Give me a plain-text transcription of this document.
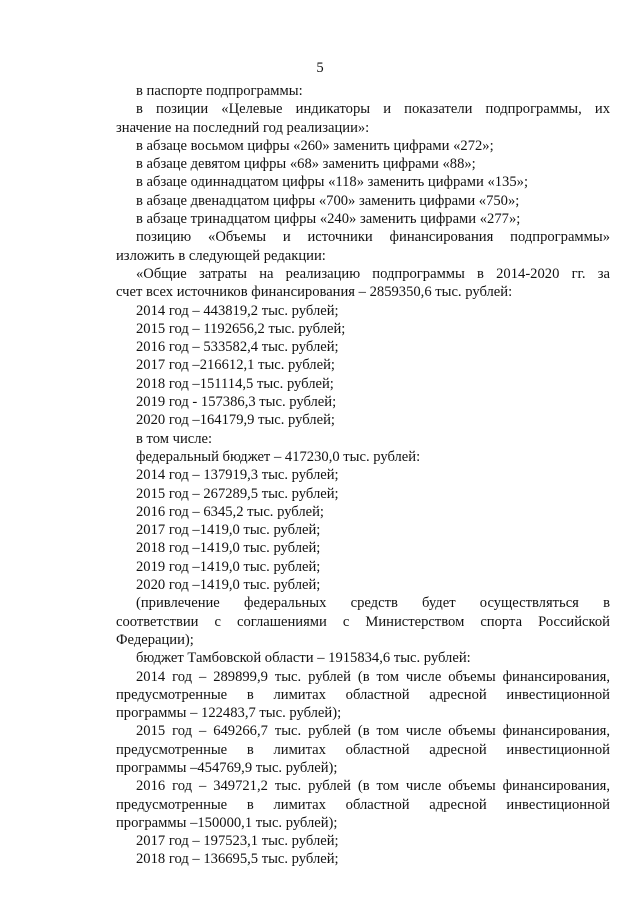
5
в паспорте подпрограммы:
в позиции «Целевые индикаторы и показатели подпрограммы, их
значение на последний год реализации»:
в абзаце восьмом цифры «260» заменить цифрами «272»;
в абзаце девятом цифры «68» заменить цифрами «88»;
в абзаце одиннадцатом цифры «118» заменить цифрами «135»;
в абзаце двенадцатом цифры «700» заменить цифрами «750»;
в абзаце тринадцатом цифры «240» заменить цифрами «277»;
позицию «Объемы и источники финансирования подпрограммы»
изложить в следующей редакции:
«Общие затраты на реализацию подпрограммы в 2014-2020 гг. за
счет всех источников финансирования – 2859350,6 тыс. рублей:
2014 год – 443819,2 тыс. рублей;
2015 год – 1192656,2 тыс. рублей;
2016 год – 533582,4 тыс. рублей;
2017 год –216612,1 тыс. рублей;
2018 год –151114,5 тыс. рублей;
2019 год - 157386,3 тыс. рублей;
2020 год –164179,9 тыс. рублей;
в том числе:
федеральный бюджет – 417230,0 тыс. рублей:
2014 год – 137919,3 тыс. рублей;
2015 год – 267289,5 тыс. рублей;
2016 год – 6345,2 тыс. рублей;
2017 год –1419,0 тыс. рублей;
2018 год –1419,0 тыс. рублей;
2019 год –1419,0 тыс. рублей;
2020 год –1419,0 тыс. рублей;
(привлечение федеральных средств будет осуществляться в
соответствии с соглашениями с Министерством спорта Российской
Федерации);
бюджет Тамбовской области – 1915834,6 тыс. рублей:
2014 год – 289899,9 тыс. рублей (в том числе объемы финансирования,
предусмотренные в лимитах областной адресной инвестиционной
программы – 122483,7 тыс. рублей);
2015 год – 649266,7 тыс. рублей (в том числе объемы финансирования,
предусмотренные в лимитах областной адресной инвестиционной
программы –454769,9 тыс. рублей);
2016 год – 349721,2 тыс. рублей (в том числе объемы финансирования,
предусмотренные в лимитах областной адресной инвестиционной
программы –150000,1 тыс. рублей);
2017 год – 197523,1 тыс. рублей;
2018 год – 136695,5 тыс. рублей;
